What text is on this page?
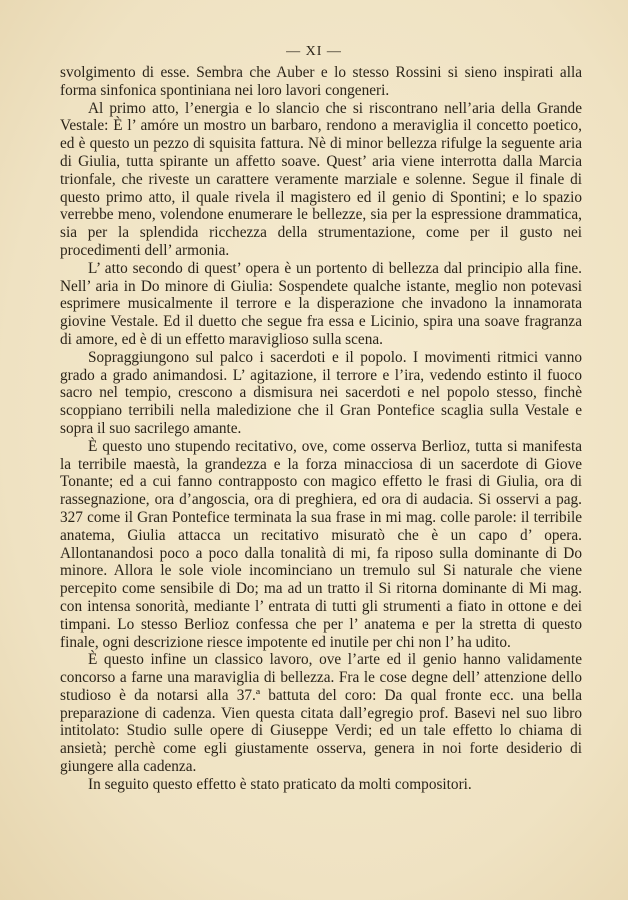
— XI —

svolgimento di esse. Sembra che Auber e lo stesso Rossini si sieno inspirati alla forma sinfonica spontiniana nei loro lavori congeneri.

Al primo atto, l’energia e lo slancio che si riscontrano nell’aria della Grande Vestale: È l’ amóre un mostro un barbaro, rendono a meraviglia il concetto poetico, ed è questo un pezzo di squisita fattura. Nè di minor bellezza rifulge la seguente aria di Giulia, tutta spirante un affetto soave. Quest’ aria viene interrotta dalla Marcia trionfale, che riveste un carattere veramente marziale e solenne. Segue il finale di questo primo atto, il quale rivela il magistero ed il genio di Spontini; e lo spazio verrebbe meno, volendone enumerare le bellezze, sia per la espressione drammatica, sia per la splendida ricchezza della strumentazione, come per il gusto nei procedimenti dell’ armonia.

L’ atto secondo di quest’ opera è un portento di bellezza dal principio alla fine. Nell’ aria in Do minore di Giulia: Sospendete qualche istante, meglio non potevasi esprimere musicalmente il terrore e la disperazione che invadono la innamorata giovine Vestale. Ed il duetto che segue fra essa e Licinio, spira una soave fragranza di amore, ed è di un effetto maraviglioso sulla scena.

Sopraggiungono sul palco i sacerdoti e il popolo. I movimenti ritmici vanno grado a grado animandosi. L’ agitazione, il terrore e l’ira, vedendo estinto il fuoco sacro nel tempio, crescono a dismisura nei sacerdoti e nel popolo stesso, finchè scoppiano terribili nella maledizione che il Gran Pontefice scaglia sulla Vestale e sopra il suo sacrilego amante.

È questo uno stupendo recitativo, ove, come osserva Berlioz, tutta si manifesta la terribile maestà, la grandezza e la forza minacciosa di un sacerdote di Giove Tonante; ed a cui fanno contrapposto con magico effetto le frasi di Giulia, ora di rassegnazione, ora d’angoscia, ora di preghiera, ed ora di audacia. Si osservi a pag. 327 come il Gran Pontefice terminata la sua frase in mi mag. colle parole: il terribile anatema, Giulia attacca un recitativo misuratò che è un capo d’ opera. Allontanandosi poco a poco dalla tonalità di mi, fa riposo sulla dominante di Do minore. Allora le sole viole incominciano un tremulo sul Si naturale che viene percepito come sensibile di Do; ma ad un tratto il Si ritorna dominante di Mi mag. con intensa sonorità, mediante l’ entrata di tutti gli strumenti a fiato in ottone e dei timpani. Lo stesso Berlioz confessa che per l’ anatema e per la stretta di questo finale, ogni descrizione riesce impotente ed inutile per chi non l’ ha udito.

È questo infine un classico lavoro, ove l’arte ed il genio hanno validamente concorso a farne una maraviglia di bellezza. Fra le cose degne dell’ attenzione dello studioso è da notarsi alla 37.ª battuta del coro: Da qual fronte ecc. una bella preparazione di cadenza. Vien questa citata dall’egregio prof. Basevi nel suo libro intitolato: Studio sulle opere di Giuseppe Verdi; ed un tale effetto lo chiama di ansietà; perchè come egli giustamente osserva, genera in noi forte desiderio di giungere alla cadenza.

In seguito questo effetto è stato praticato da molti compositori.
